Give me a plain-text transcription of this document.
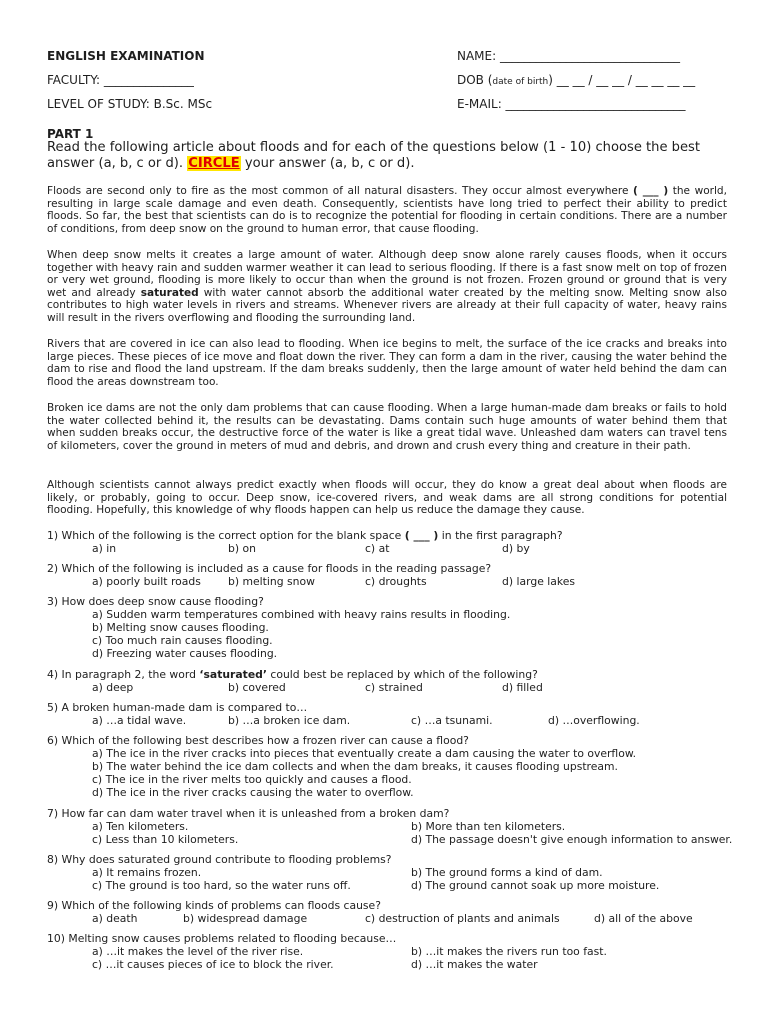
ENGLISH EXAMINATION
FACULTY: _______________
LEVEL OF STUDY: B.Sc. MSc
NAME: ______________________________
DOB (date of birth) __ __ / __ __ / __ __ __ __
E-MAIL: ______________________________
PART 1
Read the following article about floods and for each of the questions below (1 - 10) choose the best answer (a, b, c or d). CIRCLE your answer (a, b, c or d).
Floods are second only to fire as the most common of all natural disasters. They occur almost everywhere ( ___ ) the world, resulting in large scale damage and even death. Consequently, scientists have long tried to perfect their ability to predict floods. So far, the best that scientists can do is to recognize the potential for flooding in certain conditions. There are a number of conditions, from deep snow on the ground to human error, that cause flooding.
When deep snow melts it creates a large amount of water. Although deep snow alone rarely causes floods, when it occurs together with heavy rain and sudden warmer weather it can lead to serious flooding. If there is a fast snow melt on top of frozen or very wet ground, flooding is more likely to occur than when the ground is not frozen. Frozen ground or ground that is very wet and already saturated with water cannot absorb the additional water created by the melting snow. Melting snow also contributes to high water levels in rivers and streams. Whenever rivers are already at their full capacity of water, heavy rains will result in the rivers overflowing and flooding the surrounding land.
Rivers that are covered in ice can also lead to flooding. When ice begins to melt, the surface of the ice cracks and breaks into large pieces. These pieces of ice move and float down the river. They can form a dam in the river, causing the water behind the dam to rise and flood the land upstream. If the dam breaks suddenly, then the large amount of water held behind the dam can flood the areas downstream too.
Broken ice dams are not the only dam problems that can cause flooding. When a large human-made dam breaks or fails to hold the water collected behind it, the results can be devastating. Dams contain such huge amounts of water behind them that when sudden breaks occur, the destructive force of the water is like a great tidal wave. Unleashed dam waters can travel tens of kilometers, cover the ground in meters of mud and debris, and drown and crush every thing and creature in their path.
Although scientists cannot always predict exactly when floods will occur, they do know a great deal about when floods are likely, or probably, going to occur. Deep snow, ice-covered rivers, and weak dams are all strong conditions for potential flooding. Hopefully, this knowledge of why floods happen can help us reduce the damage they cause.
1) Which of the following is the correct option for the blank space ( ___ ) in the first paragraph?
a) in	b) on	c) at	d) by
2) Which of the following is included as a cause for floods in the reading passage?
a) poorly built roads	b) melting snow	c) droughts	d) large lakes
3) How does deep snow cause flooding?
a) Sudden warm temperatures combined with heavy rains results in flooding.
b) Melting snow causes flooding.
c) Too much rain causes flooding.
d) Freezing water causes flooding.
4) In paragraph 2, the word ‘saturated’ could best be replaced by which of the following?
a) deep	b) covered	c) strained	d) filled
5) A broken human-made dam is compared to…
a) …a tidal wave.	b) …a broken ice dam.	c) …a tsunami.	d) …overflowing.
6) Which of the following best describes how a frozen river can cause a flood?
a) The ice in the river cracks into pieces that eventually create a dam causing the water to overflow.
b) The water behind the ice dam collects and when the dam breaks, it causes flooding upstream.
c) The ice in the river melts too quickly and causes a flood.
d) The ice in the river cracks causing the water to overflow.
7) How far can dam water travel when it is unleashed from a broken dam?
a) Ten kilometers.	b) More than ten kilometers.
c) Less than 10 kilometers.	d) The passage doesn't give enough information to answer.
8) Why does saturated ground contribute to flooding problems?
a) It remains frozen.	b) The ground forms a kind of dam.
c) The ground is too hard, so the water runs off.	d) The ground cannot soak up more moisture.
9) Which of the following kinds of problems can floods cause?
a) death	b) widespread damage	c) destruction of plants and animals	d) all of the above
10) Melting snow causes problems related to flooding because…
a) …it makes the level of the river rise.	b) …it makes the rivers run too fast.
c) …it causes pieces of ice to block the river.	d) …it makes the water
